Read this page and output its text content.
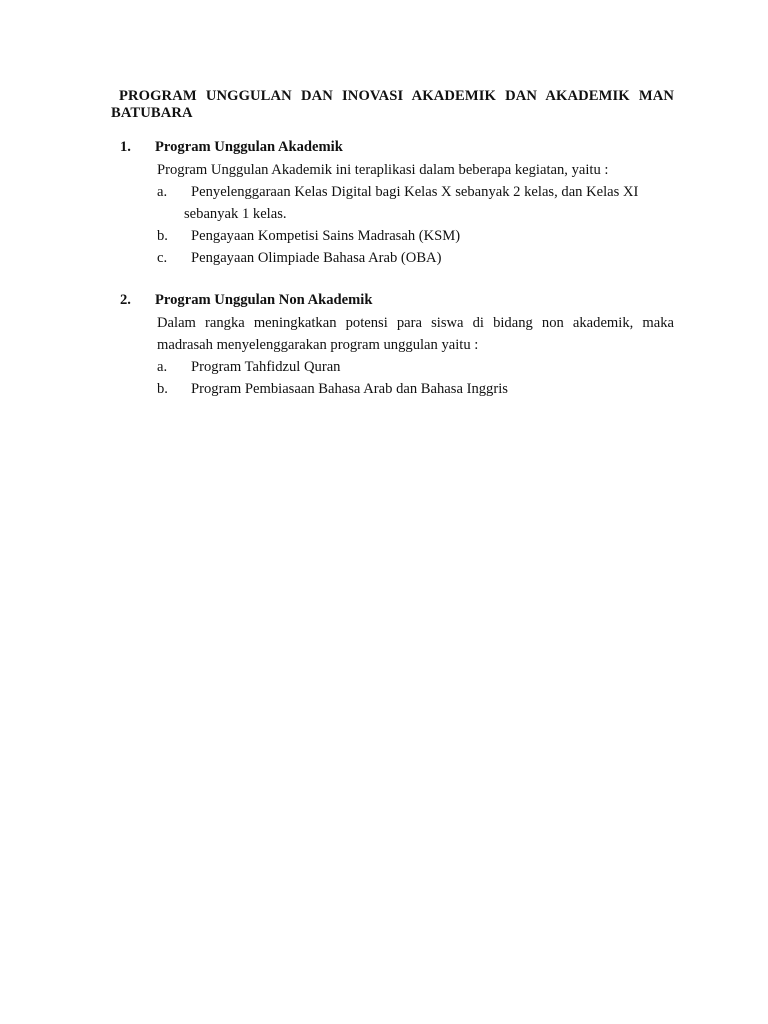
PROGRAM UNGGULAN DAN INOVASI AKADEMIK DAN AKADEMIK MAN BATUBARA
1.	Program Unggulan Akademik

Program Unggulan Akademik ini teraplikasi dalam beberapa kegiatan, yaitu :

a.	Penyelenggaraan Kelas Digital bagi Kelas X sebanyak 2 kelas, dan Kelas XI
sebanyak 1 kelas.
b.	Pengayaan Kompetisi Sains Madrasah (KSM)
c.	Pengayaan Olimpiade Bahasa Arab (OBA)
2.	Program Unggulan Non Akademik

Dalam rangka meningkatkan potensi para siswa di bidang non akademik, maka madrasah menyelenggarakan program unggulan yaitu :

a.	Program Tahfidzul Quran
b.	Program Pembiasaan Bahasa Arab dan Bahasa Inggris
